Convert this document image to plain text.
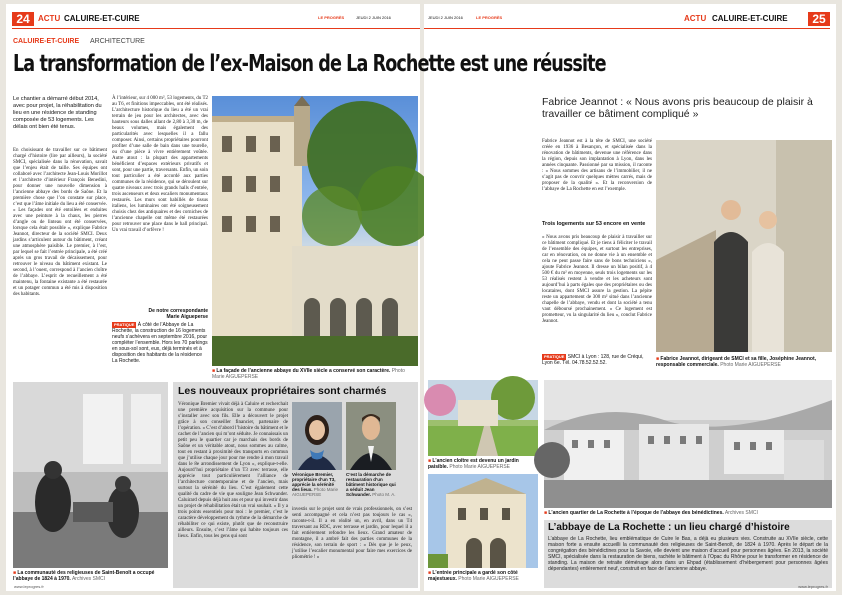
24	ACTU CALUIRE-ET-CUIRE	LE PROGRÈS	JEUDI 2 JUIN 2016
CALUIRE-ET-CUIRE ARCHITECTURE
La transformation de l’ex-Maison de La Rochette est une réussite
Le chantier a démarré début 2014, avec pour projet, la réhabilitation du lieu en une résidence de standing composée de 53 logements. Les délais ont bien été tenus.
En choisissant de travailler sur ce bâtiment chargé d’histoire (lire par ailleurs), la société SMCI, spécialisée dans la rénovation, savait que l’enjeu était de taille. Ses équipes ont collaboré avec l’architecte Jean-Louis Morillot et l’architecte d’intérieur François Benedini, pour donner une nouvelle dimension à l’ancienne abbaye des bords de Saône. Et la première chose que l’on constate sur place, c’est que l’âme initiale du lieu a été conservée. « Les façades ont été entoilées et enduites avec une peinture à la chaux, les pierres d’angle ou de linteau ont été conservées, lorsque cela était possible », explique Fabrice Jeannot, directeur de la société SMCI. Deux jardins s’articulent autour du bâtiment, créant une atmosphère paisible. Le premier, à l’est, par lequel se fait l’entrée principale, a été créé après un gros travail de décaissement, pour retrouver le niveau du bâtiment existant. Le second, à l’ouest, correspond à l’ancien cloître de l’abbaye. L’esprit de recueillement a été maintenu, la fontaine existante a été restaurée et un potager commun a été mis à disposition des habitants.
À l’intérieur, sur 4 000 m², 53 logements, du T2 au T6, et finitions impeccables, ont été réalisés. L’architecture historique du lieu a été un vrai terrain de jeu pour les architectes, avec des hauteurs sous dalles allant de 2,80 à 3,30 m, de beaux volumes, mais également des particularités avec lesquelles il a fallu composer. Ainsi, certains propriétaires pourront profiter d’une salle de bain dans une tourelle, ou d’une pièce à vivre entièrement voûtée. Autre atout : la plupart des appartements bénéficient d’espaces extérieurs privatifs et sont, pour une partie, traversants. Enfin, un soin tout particulier a été accordé aux parties communes de la résidence, qui se déroulent sur quatre niveaux avec trois grands halls d’entrée, trois ascenseurs et deux escaliers monumentaux restaurés. Les murs sont habillés de tissus italiens, les luminaires ont été soigneusement choisis chez des antiquaires et des corniches de l’ancienne chapelle ont même été restaurées pour retrouver une place dans le hall principal. Un vrai travail d’orfèvre !
De notre correspondante
Marie Aigueperse
PRATIQUE À côté de l’Abbaye de La Rochette, la construction de 16 logements neufs s’achèvera en septembre 2016, pour compléter l’ensemble. Hors les 70 parkings en sous-sol sont, eux, déjà terminés et à disposition des habitants de la résidence La Rochette.
■ La façade de l’ancienne abbaye du XVIIe siècle a conservé son caractère. Photo Marie AIGUEPERSE
■ La communauté des religieuses de Saint-Benoît a occupé l’abbaye de 1824 à 1970. Archives SMCI
Les nouveaux propriétaires sont charmés
Véronique Bremier vivait déjà à Caluire et recherchait une première acquisition sur la commune pour s’installer avec son fils. Elle a découvert le projet grâce à son conseiller financier, partenaire de l’opération. « C’est d’abord l’histoire du bâtiment et le cachet de l’ancien qui m’ont séduite. Je connaissais un petit peu le quartier car je marchais des bords de Saône et un véritable atout, nous sommes au calme, tout en restant à proximité des transports en commun que j’utilise chaque jour pour me rendre à mon travail dans le 8e arrondissement de Lyon », explique-t-elle. Aujourd’hui propriétaire d’un T3 avec terrasse, elle apprécie tout particulièrement l’alliance de l’architecture contemporaine et de l’ancien, mais surtout la sérénité du lieu. C’est également cette qualité du cadre de vie que souligne Jean Schwander. Caluirard depuis déjà huit ans et pour qui investir dans un projet de réhabilitation était un vrai souhait. « Il y a trois points essentiels pour moi : le premier, c’est le caractère développement du rythme de la démarche de réhabiliter ce qui existe, plutôt que de reconstruire ailleurs. Ensuite, c’est l’âme qui habite toujours ces lieux. Enfin, tous les gens qui sont
Véronique Bremier, propriétaire d’un T3, apprécie la sérénité des lieux. Photo Marie AIGUEPERSE
C’est la démarche de restauration d’un bâtiment historique qui a séduit Jean Schwander. Photo M. A.
investis sur le projet sont de vrais professionnels, on s’est senti accompagné et cela n’est pas toujours le cas », raconte-t-il. Il a en réalité un, en avril, dans un T4 traversant au RDC, avec terrasse et jardin, pour lequel il a fait entièrement refondre les lieux. Grand amateur de montagne, il a ambré fait des parties communes de la résidence, son terrain de sport : « Dès que je le peux, j’utilise l’escalier monumental pour faire mes exercices de pliométrie ! »
www.leprogres.fr
JEUDI 2 JUIN 2016	LE PROGRÈS	ACTU CALUIRE-ET-CUIRE	25
Fabrice Jeannot : « Nous avons pris beaucoup de plaisir à travailler ce bâtiment compliqué »
Fabrice Jeannot est à la tête de SMCI, une société créée en 1936 à Besançon, et spécialisée dans la rénovation de bâtiments, devenue une référence dans la région, depuis son implantation à Lyon, dans les années cinquante. Passionné par sa mission, il raconte : « Nous sommes des artisans de l’immobilier, il ne s’agit pas de couvrir quelques mètres carrés, mais de proposer de la qualité ». Et la reconversion de l’abbaye de La Rochette en est l’exemple.
Trois logements sur 53 encore en vente
« Nous avons pris beaucoup de plaisir à travailler sur ce bâtiment compliqué. Et je tiens à féliciter le travail de l’ensemble des équipes, et surtout les entreprises, car en rénovation, on ne donne vie à un ensemble et cela ne peut passe faire sans de bons techniciens », ajoute Fabrice Jeannot. Il dresse un bilan positif, à 4 500 € du m² en moyenne, seuls trois logements sur les 53 réalisés restent à vendre et les acheteurs sont aujourd’hui à parts égales que des propriétaires ou des locataires, dont SMCI assure la gestion. La pépite reste un appartement de 300 m² situé dans l’ancienne chapelle de l’abbaye, vendu et dont la société a tenu vaut déboursé prochainement. « Ce logement est prometteur, vu la singularité du lieu », conclut Fabrice Jeannot.
PRATIQUE SMCI à Lyon : 128, rue de Créqui, Lyon 6e. Tél. 04.78.52.52.52.
■ Fabrice Jeannot, dirigeant de SMCI et sa fille, Joséphine Jeannot, responsable commerciale. Photo Marie AIGUEPERSE
■ L’ancien cloître est devenu un jardin paisible. Photo Marie AIGUEPERSE
■ L’entrée principale a gardé son côté majestueux. Photo Marie AIGUEPERSE
■ L’ancien quartier de La Rochette à l’époque de l’abbaye des bénédictines. Archives SMCI
L’abbaye de La Rochette : un lieu chargé d’histoire
L’abbaye de La Rochette, lieu emblématique de Cuire le Bas, a déjà eu plusieurs vies. Construite au XVIIe siècle, cette maison forte a ensuite accueilli la communauté des religieuses de Saint-Benoît, de 1824 à 1970. Après le départ de la congrégation des bénédictines pour la Savoie, elle devient une maison d’accueil pour personnes âgées. En 2013, la société SMCI, spécialisée dans la restauration de biens, rachète le bâtiment à l’Opac du Rhône pour le transformer en résidence de standing. La maison de retraite déménage alors dans un Ehpad (établissement d’hébergement pour personnes âgées dépendantes) entièrement neuf, construit en face de l’ancienne abbaye.
www.leprogres.fr
